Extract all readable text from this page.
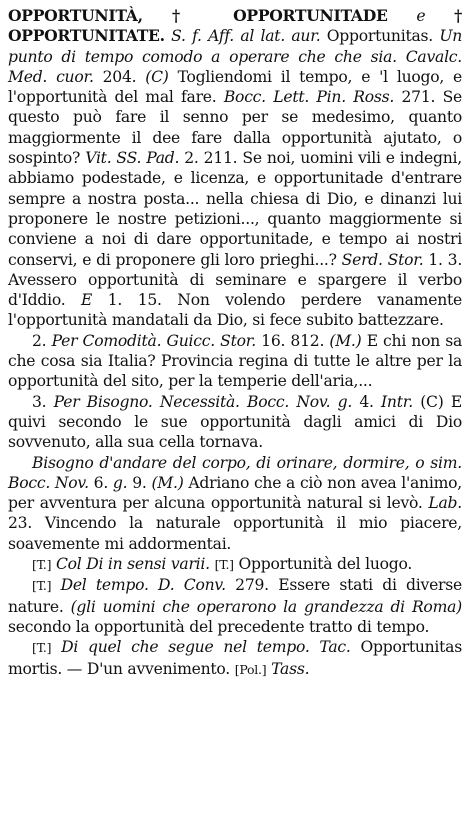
OPPORTUNITÀ, † OPPORTUNITADE e † OPPORTUNITATE. S. f. Aff. al lat. aur. Opportunitas. Un punto di tempo comodo a operare che che sia. Cavalc. Med. cuor. 204. (C) Togliendomi il tempo, e 'l luogo, e l'opportunità del mal fare. Bocc. Lett. Pin. Ross. 271. Se questo può fare il senno per se medesimo, quanto maggiormente il dee fare dalla opportunità ajutato, o sospinto? Vit. SS. Pad. 2. 211. Se noi, uomini vili e indegni, abbiamo podestade, e licenza, e opportunitade d'entrare sempre a nostra posta... nella chiesa di Dio, e dinanzi lui proponere le nostre petizioni..., quanto maggiormente si conviene a noi di dare opportunitade, e tempo ai nostri conservi, e di proponere gli loro prieghi...? Serd. Stor. 1. 3. Avessero opportunità di seminare e spargere il verbo d'Iddio. E 1. 15. Non volendo perdere vanamente l'opportunità mandatali da Dio, si fece subito battezzare.

2. Per Comodità. Guicc. Stor. 16. 812. (M.) E chi non sa che cosa sia Italia? Provincia regina di tutte le altre per la opportunità del sito, per la temperie dell'aria,...

3. Per Bisogno. Necessità. Bocc. Nov. g. 4. Intr. (C) E quivi secondo le sue opportunità dagli amici di Dio sovvenuto, alla sua cella tornava.

Bisogno d'andare del corpo, di orinare, dormire, o sim. Bocc. Nov. 6. g. 9. (M.) Adriano che a ciò non avea l'animo, per avventura per alcuna opportunità natural si levò. Lab. 23. Vincendo la naturale opportunità il mio piacere, soavemente mi addormentai.

[T.] Col Di in sensi varii. [T.] Opportunità del luogo.

[T.] Del tempo. D. Conv. 279. Essere stati di diverse nature. (gli uomini che operarono la grandezza di Roma) secondo la opportunità del precedente tratto di tempo.

[T.] Di quel che segue nel tempo. Tac. Opportunitas mortis. — D'un avvenimento. [Pol.] Tass.
